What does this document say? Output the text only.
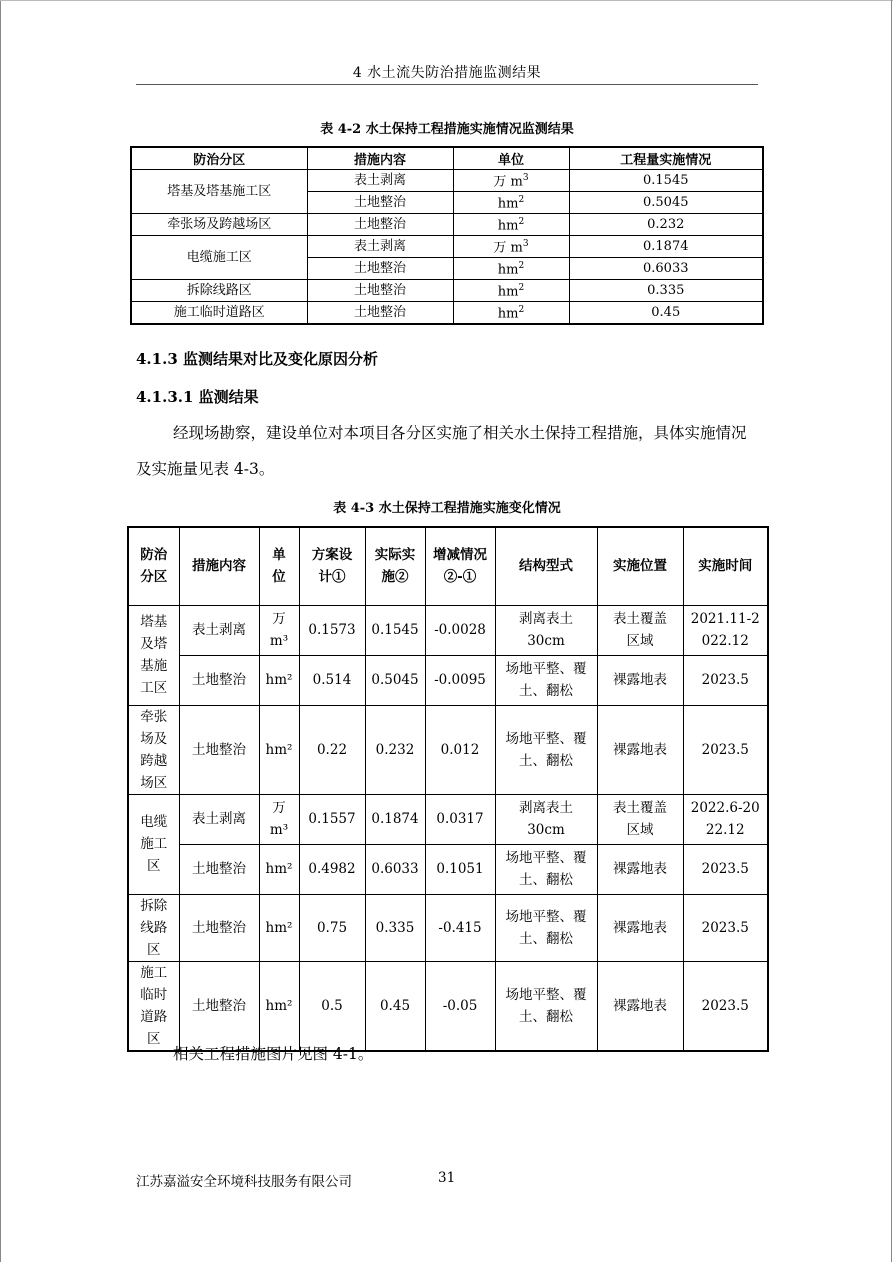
4 水土流失防治措施监测结果
表 4-2 水土保持工程措施实施情况监测结果
防治分区	措施内容	单位	工程量实施情况
塔基及塔基施工区	表土剥离	万 $m^3$	0.1545
	土地整治	$hm^2$	0.5045
牵张场及跨越场区	土地整治	$hm^2$	0.232
电缆施工区	表土剥离	万 $m^3$	0.1874
	土地整治	$hm^2$	0.6033
拆除线路区	土地整治	$hm^2$	0.335
施工临时道路区	土地整治	$hm^2$	0.45
4.1.3 监测结果对比及变化原因分析
4.1.3.1 监测结果
经现场勘察，建设单位对本项目各分区实施了相关水土保持工程措施，具体实施情况及实施量见表 4-3。
表 4-3 水土保持工程措施实施变化情况
防治分区	措施内容	单位	方案设计①	实际实施②	增减情况②-①	结构型式	实施位置	实施时间
塔基及塔基施工区	表土剥离	万m³	0.1573	0.1545	-0.0028	剥离表土30cm	表土覆盖区域	2021.11-2022.12
	土地整治	hm²	0.514	0.5045	-0.0095	场地平整、覆土、翻松	裸露地表	2023.5
牵张场及跨越场区	土地整治	hm²	0.22	0.232	0.012	场地平整、覆土、翻松	裸露地表	2023.5
电缆施工区	表土剥离	万m³	0.1557	0.1874	0.0317	剥离表土30cm	表土覆盖区域	2022.6-2022.12
	土地整治	hm²	0.4982	0.6033	0.1051	场地平整、覆土、翻松	裸露地表	2023.5
拆除线路区	土地整治	hm²	0.75	0.335	-0.415	场地平整、覆土、翻松	裸露地表	2023.5
施工临时道路区	土地整治	hm²	0.5	0.45	-0.05	场地平整、覆土、翻松	裸露地表	2023.5
相关工程措施图片见图 4-1。
江苏嘉溢安全环境科技服务有限公司	31
